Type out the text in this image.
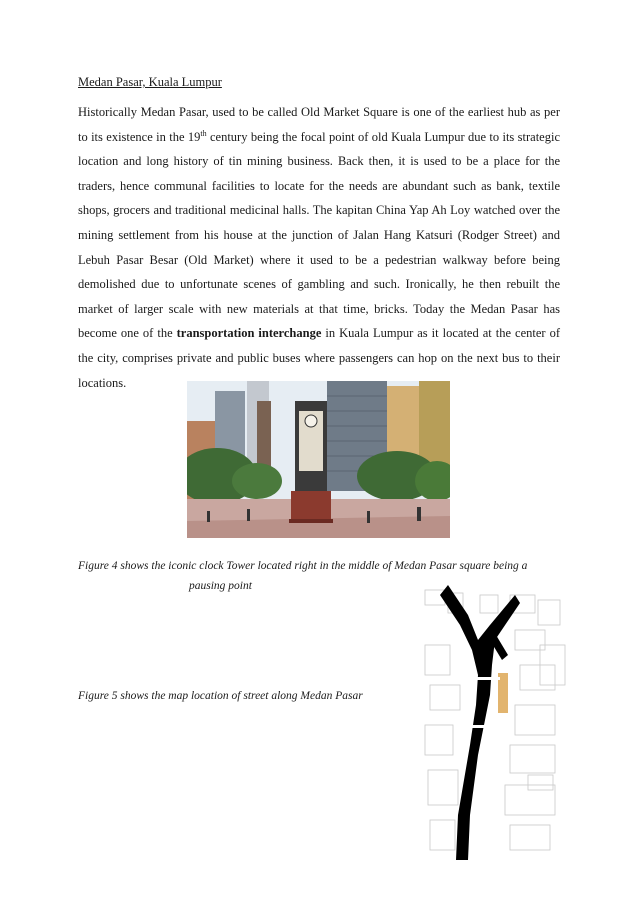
Medan Pasar, Kuala Lumpur
Historically Medan Pasar, used to be called Old Market Square is one of the earliest hub as per to its existence in the 19th century being the focal point of old Kuala Lumpur due to its strategic location and long history of tin mining business. Back then, it is used to be a place for the traders, hence communal facilities to locate for the needs are abundant such as bank, textile shops, grocers and traditional medicinal halls. The kapitan China Yap Ah Loy watched over the mining settlement from his house at the junction of Jalan Hang Katsuri (Rodger Street) and Lebuh Pasar Besar (Old Market) where it used to be a pedestrian walkway before being demolished due to unfortunate scenes of gambling and such. Ironically, he then rebuilt the market of larger scale with new materials at that time, bricks. Today the Medan Pasar has become one of the transportation interchange in Kuala Lumpur as it located at the center of the city, comprises private and public buses where passengers can hop on the next bus to their locations.
Figure 4 shows the iconic clock Tower located right in the middle of Medan Pasar square being a
pausing point
Figure 5 shows the map location of street along Medan Pasar
